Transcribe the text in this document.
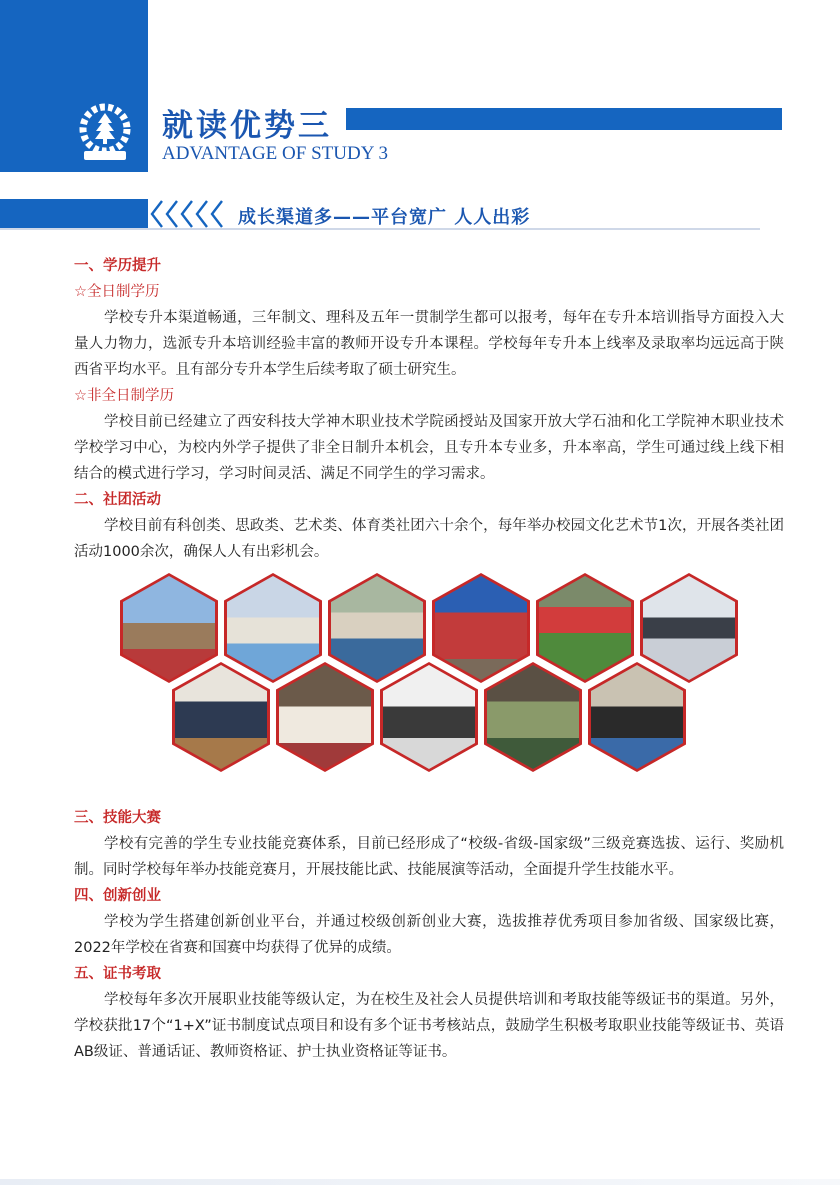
就读优势三
ADVANTAGE OF STUDY 3
成长渠道多——平台宽广 人人出彩

一、学历提升

☆全日制学历

学校专升本渠道畅通，三年制文、理科及五年一贯制学生都可以报考，每年在专升本培训指导方面投入大量人力物力，选派专升本培训经验丰富的教师开设专升本课程。学校每年专升本上线率及录取率均远远高于陕西省平均水平。且有部分专升本学生后续考取了硕士研究生。

☆非全日制学历

学校目前已经建立了西安科技大学神木职业技术学院函授站及国家开放大学石油和化工学院神木职业技术学校学习中心，为校内外学子提供了非全日制升本机会，且专升本专业多，升本率高，学生可通过线上线下相结合的模式进行学习，学习时间灵活、满足不同学生的学习需求。

二、社团活动

学校目前有科创类、思政类、艺术类、体育类社团六十余个，每年举办校园文化艺术节1次，开展各类社团活动1000余次，确保人人有出彩机会。

三、技能大赛

学校有完善的学生专业技能竞赛体系，目前已经形成了“校级-省级-国家级”三级竞赛选拔、运行、奖励机制。同时学校每年举办技能竞赛月，开展技能比武、技能展演等活动，全面提升学生技能水平。

四、创新创业

学校为学生搭建创新创业平台，并通过校级创新创业大赛，选拔推荐优秀项目参加省级、国家级比赛，2022年学校在省赛和国赛中均获得了优异的成绩。

五、证书考取

学校每年多次开展职业技能等级认定，为在校生及社会人员提供培训和考取技能等级证书的渠道。另外，学校获批17个“1+X”证书制度试点项目和设有多个证书考核站点，鼓励学生积极考取职业技能等级证书、英语AB级证、普通话证、教师资格证、护士执业资格证等证书。
